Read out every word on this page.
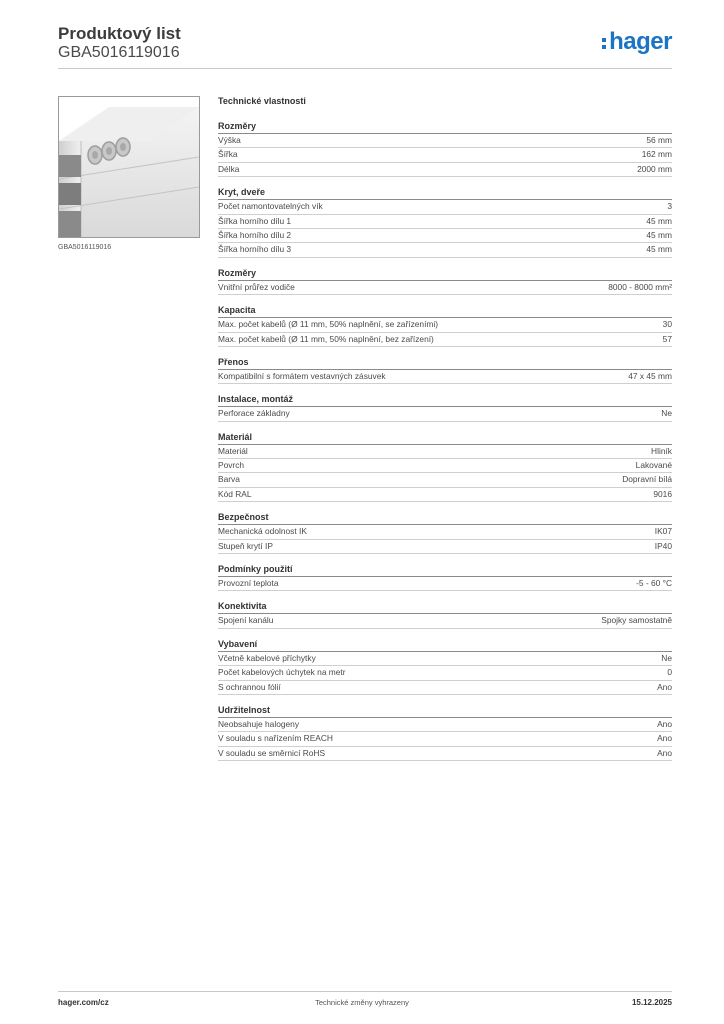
Produktový list
GBA5016119016	hager
GBA5016119016
Technické vlastnosti
Rozměry
Výška	56 mm
Šířka	162 mm
Délka	2000 mm
Kryt, dveře
Počet namontovatelných vík	3
Šířka horního dílu 1	45 mm
Šířka horního dílu 2	45 mm
Šířka horního dílu 3	45 mm
Rozměry
Vnitřní průřez vodiče	8000 - 8000 mm²
Kapacita
Max. počet kabelů (Ø 11 mm, 50% naplnění, se zařízeními)	30
Max. počet kabelů (Ø 11 mm, 50% naplnění, bez zařízení)	57
Přenos
Kompatibilní s formátem vestavných zásuvek	47 x 45 mm
Instalace, montáž
Perforace základny	Ne
Materiál
Materiál	Hliník
Povrch	Lakované
Barva	Dopravní bílá
Kód RAL	9016
Bezpečnost
Mechanická odolnost IK	IK07
Stupeň krytí IP	IP40
Podmínky použití
Provozní teplota	-5 - 60 °C
Konektivita
Spojení kanálu	Spojky samostatně
Vybavení
Včetně kabelové příchytky	Ne
Počet kabelových úchytek na metr	0
S ochrannou fólií	Ano
Udržitelnost
Neobsahuje halogeny	Ano
V souladu s nařízením REACH	Ano
V souladu se směrnicí RoHS	Ano
hager.com/cz	Technické změny vyhrazeny	15.12.2025
